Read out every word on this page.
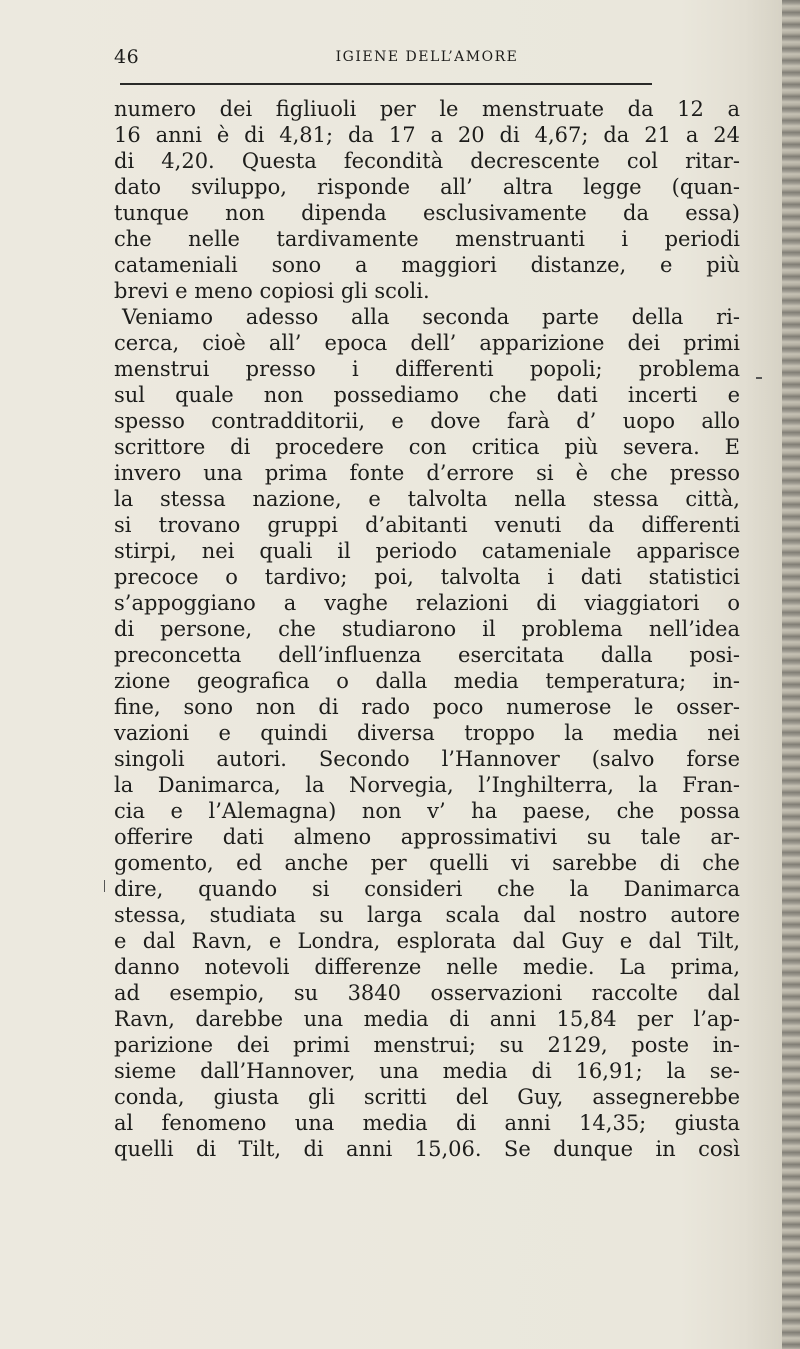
46	IGIENE DELL’AMORE
numero dei figliuoli per le menstruate da 12 a
16 anni è di 4,81; da 17 a 20 di 4,67; da 21 a 24
di 4,20. Questa fecondità decrescente col ritar-
dato sviluppo, risponde all’ altra legge (quan-
tunque non dipenda esclusivamente da essa)
che nelle tardivamente menstruanti i periodi
catameniali sono a maggiori distanze, e più
brevi e meno copiosi gli scoli.
Veniamo adesso alla seconda parte della ri-
cerca, cioè all’ epoca dell’ apparizione dei primi
menstrui presso i differenti popoli; problema
sul quale non possediamo che dati incerti e
spesso contradditorii, e dove farà d’ uopo allo
scrittore di procedere con critica più severa. E
invero una prima fonte d’errore si è che presso
la stessa nazione, e talvolta nella stessa città,
si trovano gruppi d’abitanti venuti da differenti
stirpi, nei quali il periodo catameniale apparisce
precoce o tardivo; poi, talvolta i dati statistici
s’appoggiano a vaghe relazioni di viaggiatori o
di persone, che studiarono il problema nell’idea
preconcetta dell’influenza esercitata dalla posi-
zione geografica o dalla media temperatura; in-
fine, sono non di rado poco numerose le osser-
vazioni e quindi diversa troppo la media nei
singoli autori. Secondo l’Hannover (salvo forse
la Danimarca, la Norvegia, l’Inghilterra, la Fran-
cia e l’Alemagna) non v’ ha paese, che possa
offerire dati almeno approssimativi su tale ar-
gomento, ed anche per quelli vi sarebbe di che
dire, quando si consideri che la Danimarca
stessa, studiata su larga scala dal nostro autore
e dal Ravn, e Londra, esplorata dal Guy e dal Tilt,
danno notevoli differenze nelle medie. La prima,
ad esempio, su 3840 osservazioni raccolte dal
Ravn, darebbe una media di anni 15,84 per l’ap-
parizione dei primi menstrui; su 2129, poste in-
sieme dall’Hannover, una media di 16,91; la se-
conda, giusta gli scritti del Guy, assegnerebbe
al fenomeno una media di anni 14,35; giusta
quelli di Tilt, di anni 15,06. Se dunque in così
